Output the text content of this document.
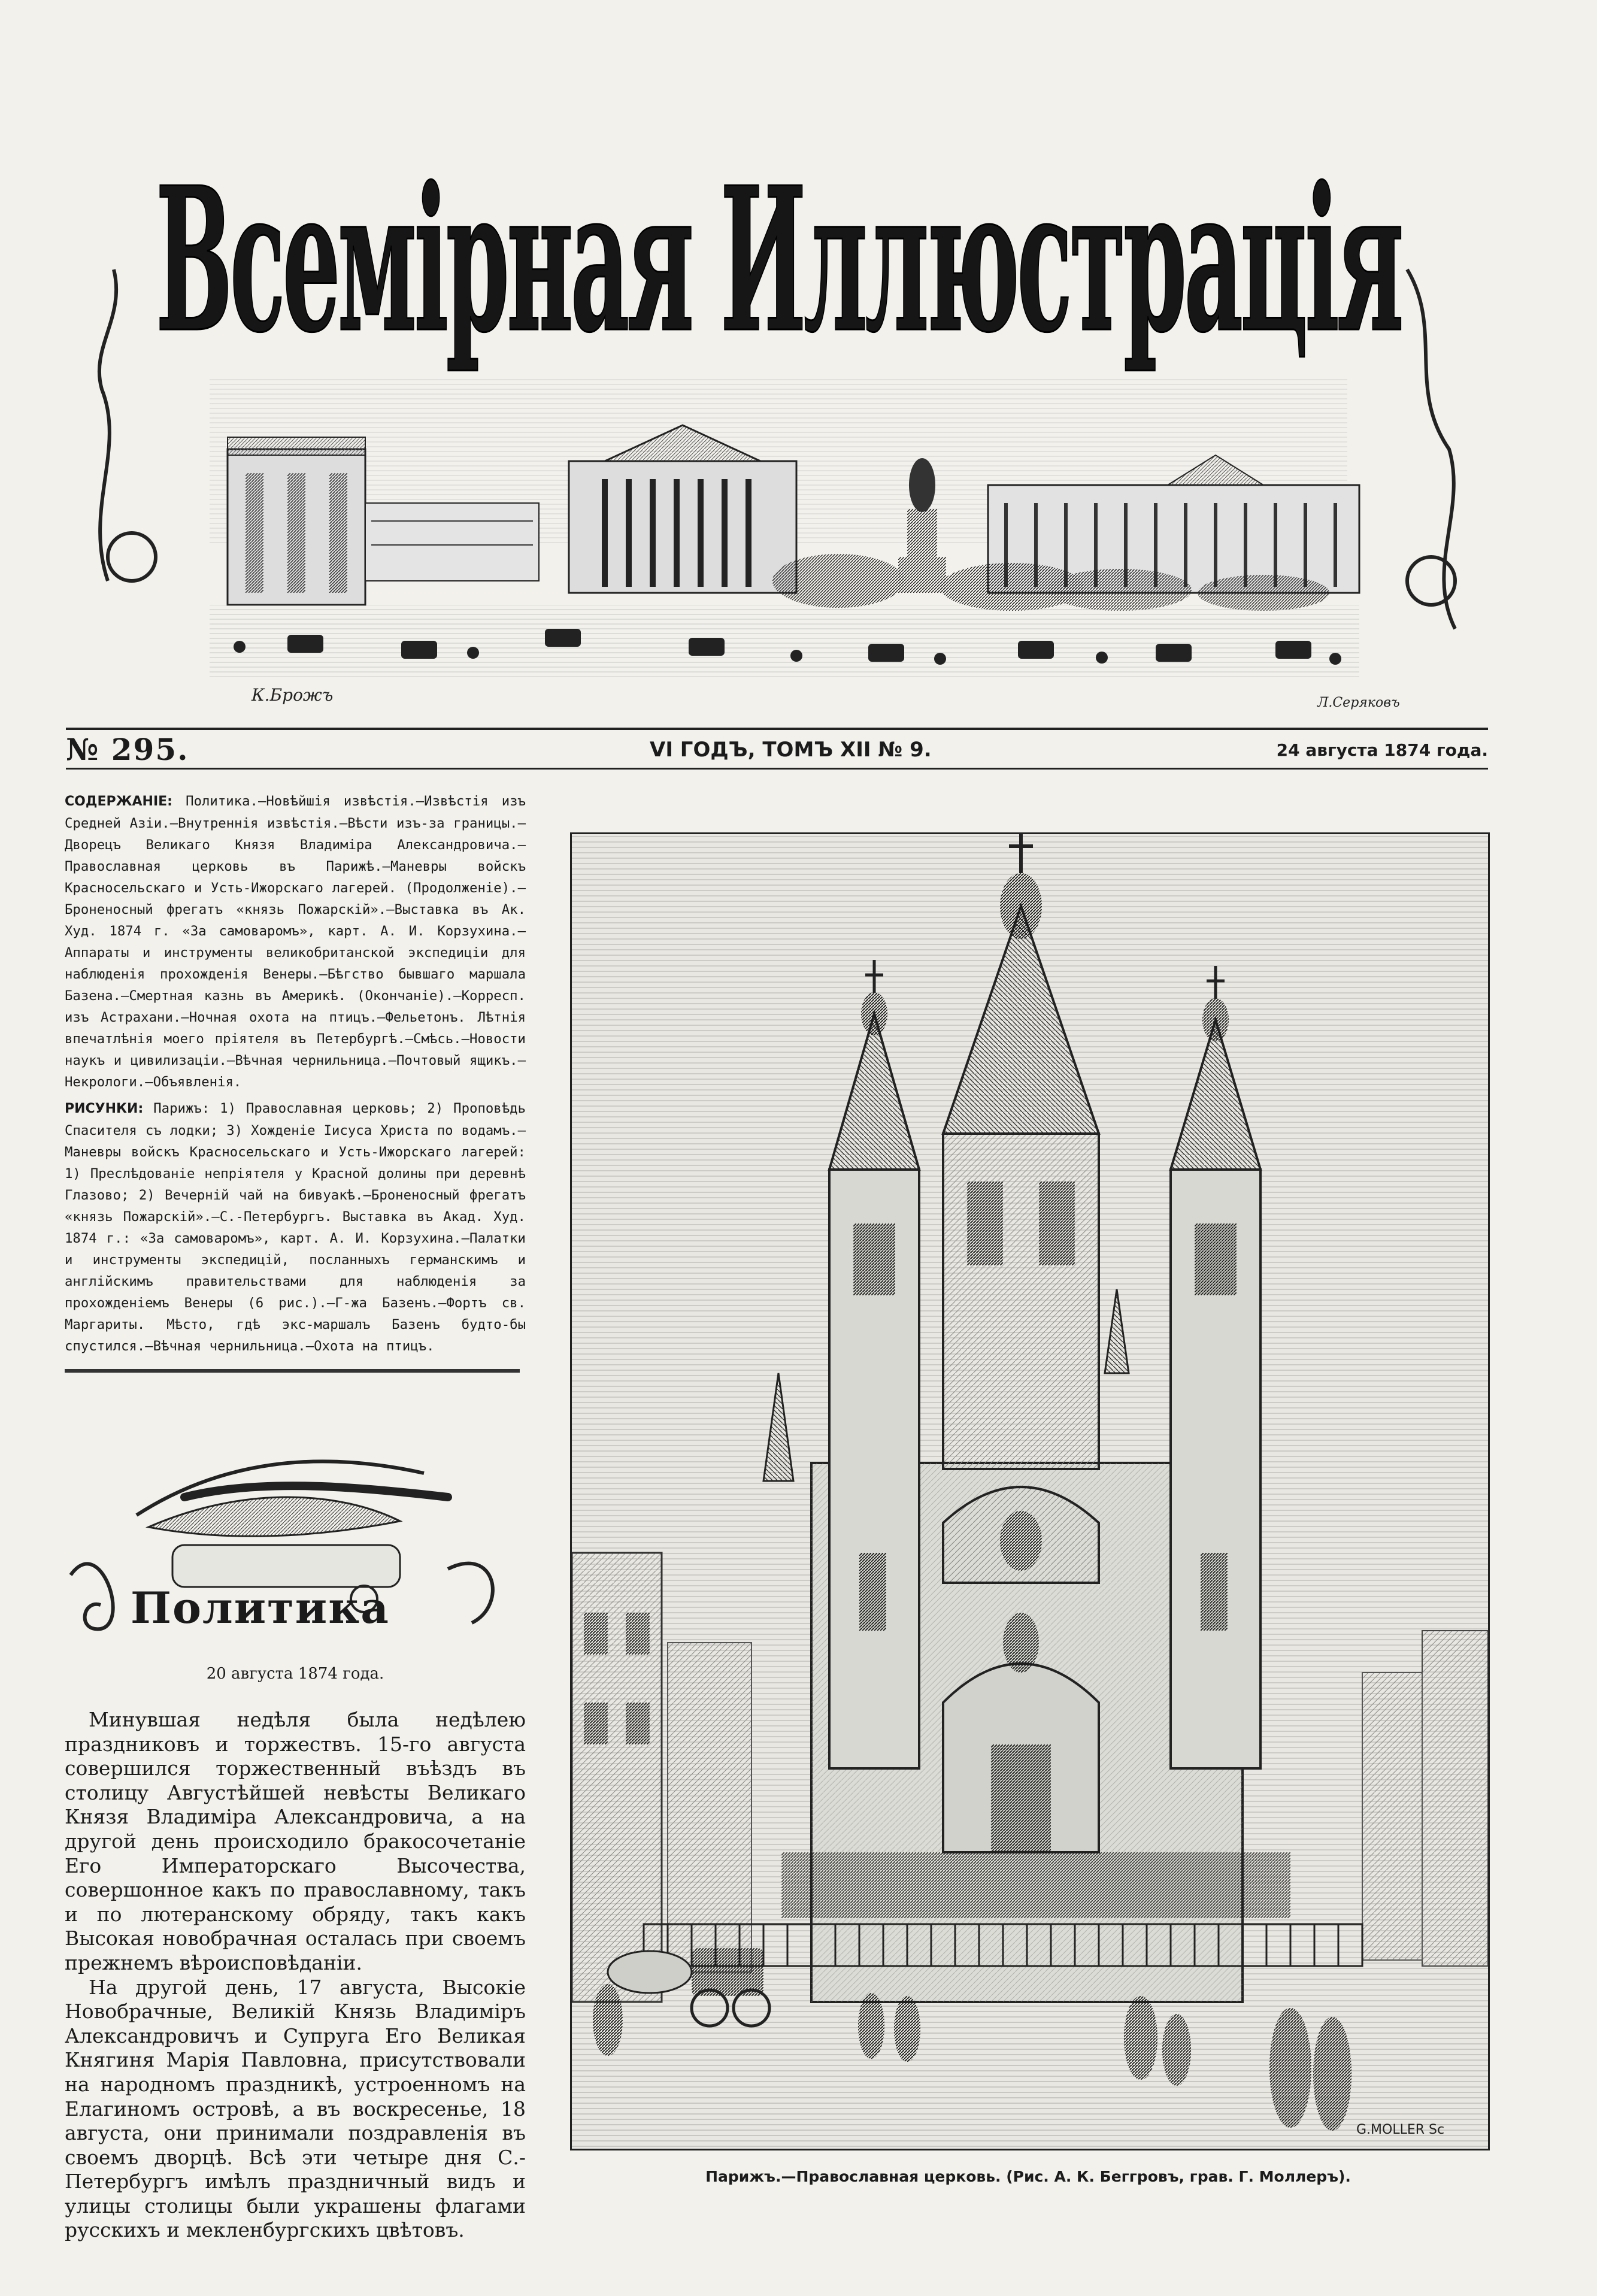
Всемірная Иллюстрація
К.Брожъ	Л.Серяковъ
№ 295.	VI ГОДЪ, ТОМЪ XII № 9.	24 августа 1874 года.

СОДЕРЖАНІЕ: Политика.—Новѣйшія извѣстія.—Извѣстія изъ Средней Азіи.—Внутреннія извѣстія.—Вѣсти изъ-за границы.—Дворецъ Великаго Князя Владиміра Александровича.—Православная церковь въ Парижѣ.—Маневры войскъ Красносельскаго и Усть-Ижорскаго лагерей. (Продолженіе).—Броненосный фрегатъ «князь Пожарскій».—Выставка въ Ак. Худ. 1874 г. «За самоваромъ», карт. А. И. Корзухина.—Аппараты и инструменты великобританской экспедиціи для наблюденія прохожденія Венеры.—Бѣгство бывшаго маршала Базена.—Смертная казнь въ Америкѣ. (Окончаніе).—Корресп. изъ Астрахани.—Ночная охота на птицъ.—Фельетонъ. Лѣтнія впечатлѣнія моего пріятеля въ Петербургѣ.—Смѣсь.—Новости наукъ и цивилизаціи.—Вѣчная чернильница.—Почтовый ящикъ.—Некрологи.—Объявленія.

РИСУНКИ: Парижъ: 1) Православная церковь; 2) Проповѣдь Спасителя съ лодки; 3) Хожденіе Іисуса Христа по водамъ.—Маневры войскъ Красносельскаго и Усть-Ижорскаго лагерей: 1) Преслѣдованіе непріятеля у Красной долины при деревнѣ Глазово; 2) Вечерній чай на бивуакѣ.—Броненосный фрегатъ «князь Пожарскій».—С.-Петербургъ. Выставка въ Акад. Худ. 1874 г.: «За самоваромъ», карт. А. И. Корзухина.—Палатки и инструменты экспедицій, посланныхъ германскимъ и англійскимъ правительствами для наблюденія за прохожденіемъ Венеры (6 рис.).—Г-жа Базенъ.—Фортъ св. Маргариты. Мѣсто, гдѣ экс-маршалъ Базенъ будто-бы спустился.—Вѣчная чернильница.—Охота на птицъ.

Политика
20 августа 1874 года.

Минувшая недѣля была недѣлею праздниковъ и торжествъ. 15-го августа совершился торжественный въѣздъ въ столицу Августѣйшей невѣсты Великаго Князя Владиміра Александровича, а на другой день происходило бракосочетаніе Его Императорскаго Высочества, совершонное какъ по православному, такъ и по лютеранскому обряду, такъ какъ Высокая новобрачная осталась при своемъ прежнемъ вѣроисповѣданіи.

На другой день, 17 августа, Высокіе Новобрачные, Великій Князь Владиміръ Александровичъ и Супруга Его Великая Княгиня Марія Павловна, присутствовали на народномъ праздникѣ, устроенномъ на Елагиномъ островѣ, а въ воскресенье, 18 августа, они принимали поздравленія въ своемъ дворцѣ. Всѣ эти четыре дня С.-Петербургъ имѣлъ праздничный видъ и улицы столицы были украшены флагами русскихъ и мекленбургскихъ цвѣтовъ.

G.MOLLER Sc
Парижъ.—Православная церковь. (Рис. А. К. Беггровъ, грав. Г. Моллеръ).
